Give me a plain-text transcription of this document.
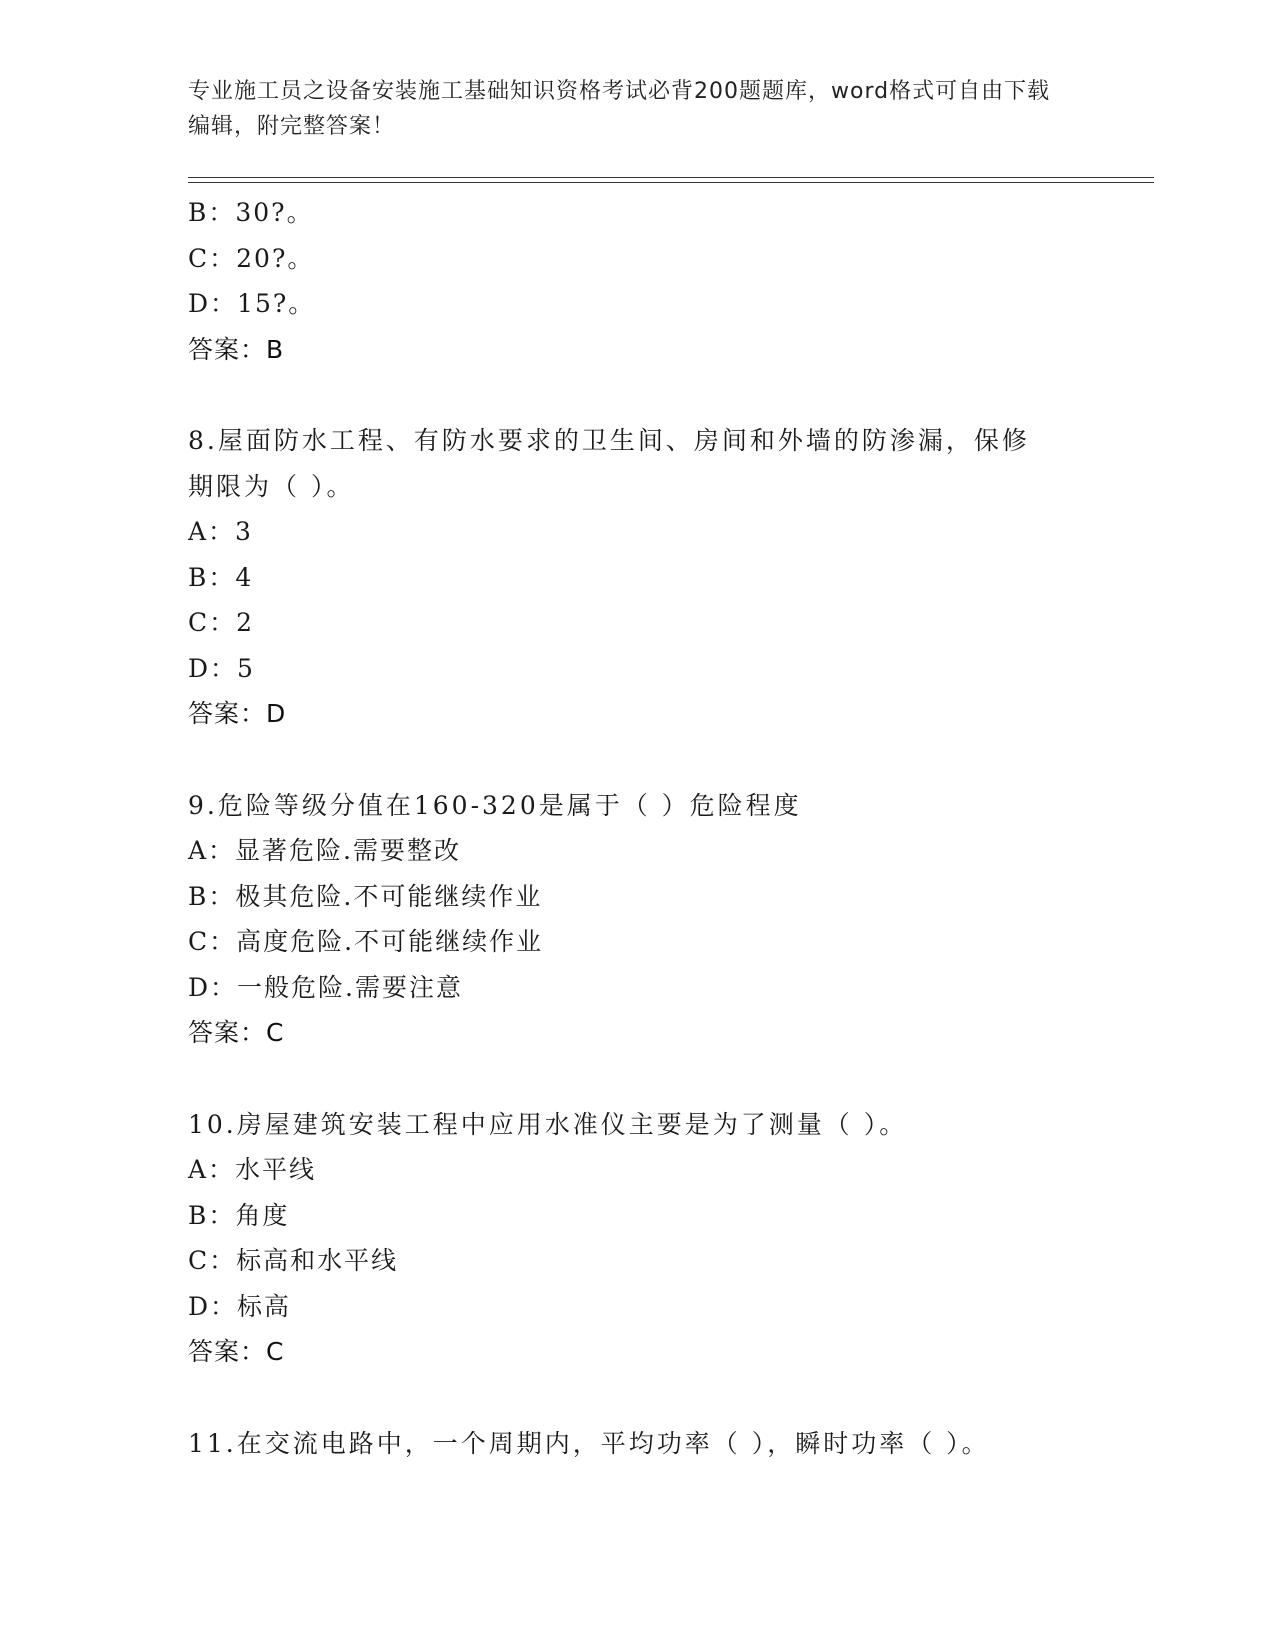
专业施工员之设备安装施工基础知识资格考试必背200题题库，word格式可自由下载编辑，附完整答案！
B：30?。
C：20?。
D：15?。
答案：B
8.屋面防水工程、有防水要求的卫生间、房间和外墙的防渗漏，保修期限为（ ）。
A：3
B：4
C：2
D：5
答案：D
9.危险等级分值在160-320是属于（ ）危险程度
A：显著危险.需要整改
B：极其危险.不可能继续作业
C：高度危险.不可能继续作业
D：一般危险.需要注意
答案：C
10.房屋建筑安装工程中应用水准仪主要是为了测量（ ）。
A：水平线
B：角度
C：标高和水平线
D：标高
答案：C
11.在交流电路中，一个周期内，平均功率（ ），瞬时功率（ ）。
